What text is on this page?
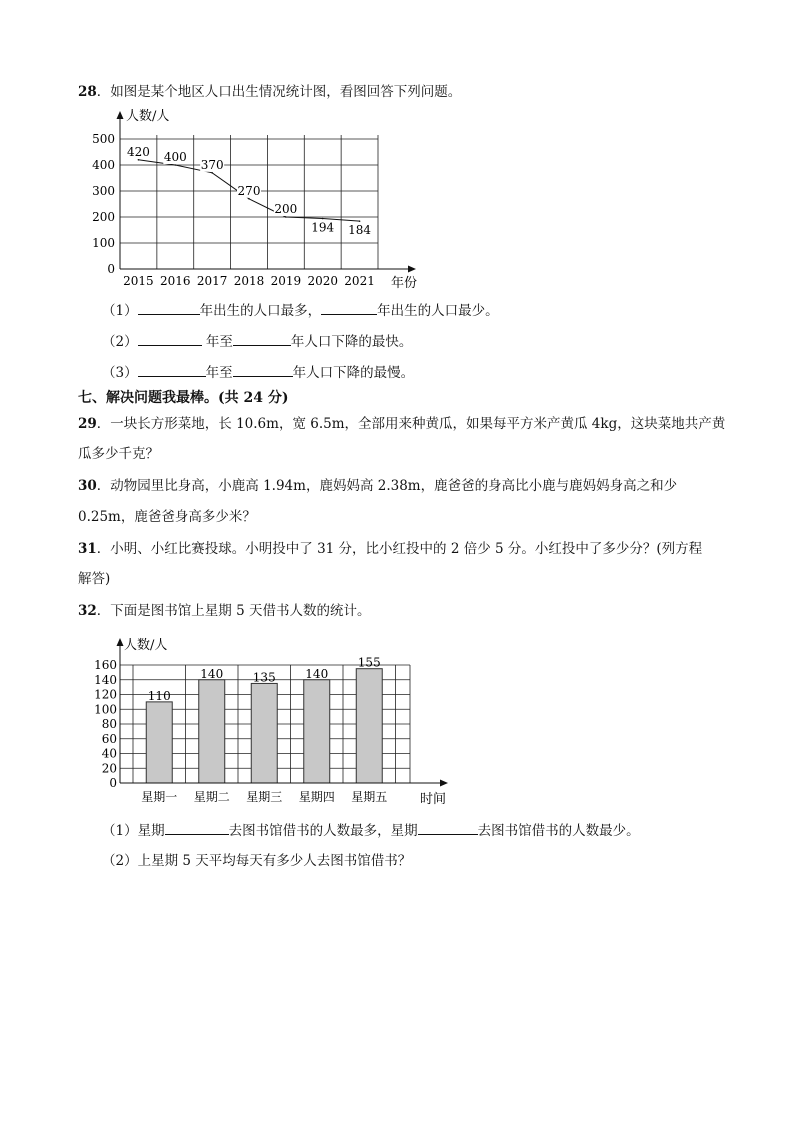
28．如图是某个地区人口出生情况统计图，看图回答下列问题。
0
100
200
300
400
500
2015 2016 2017 2018 2019 2020 2021
420 400
370
270
200
194 184
人数/人
年份
（1）	年出生的人口最多，	年出生的人口最少。
（2）	年至	年人口下降的最快。
（3）	年至	年人口下降的最慢。
七、解决问题我最棒。(共 24 分)
29．一块长方形菜地，长 10.6m，宽 6.5m，全部用来种黄瓜，如果每平方米产黄瓜 4kg，这块菜地共产黄
瓜多少千克？
30．动物园里比身高，小鹿高 1.94m，鹿妈妈高 2.38m，鹿爸爸的身高比小鹿与鹿妈妈身高之和少
0.25m，鹿爸爸身高多少米？
31．小明、小红比赛投球。小明投中了 31 分，比小红投中的 2 倍少 5 分。小红投中了多少分？(列方程
解答)
32．下面是图书馆上星期 5 天借书人数的统计。
0
20
40
60
80
100
120
140
160
星期一 星期二 星期三 星期四 星期五
110
140 135 140
155
人数/人
时间
（1）星期	去图书馆借书的人数最多，星期	去图书馆借书的人数最少。
（2）上星期 5 天平均每天有多少人去图书馆借书？
